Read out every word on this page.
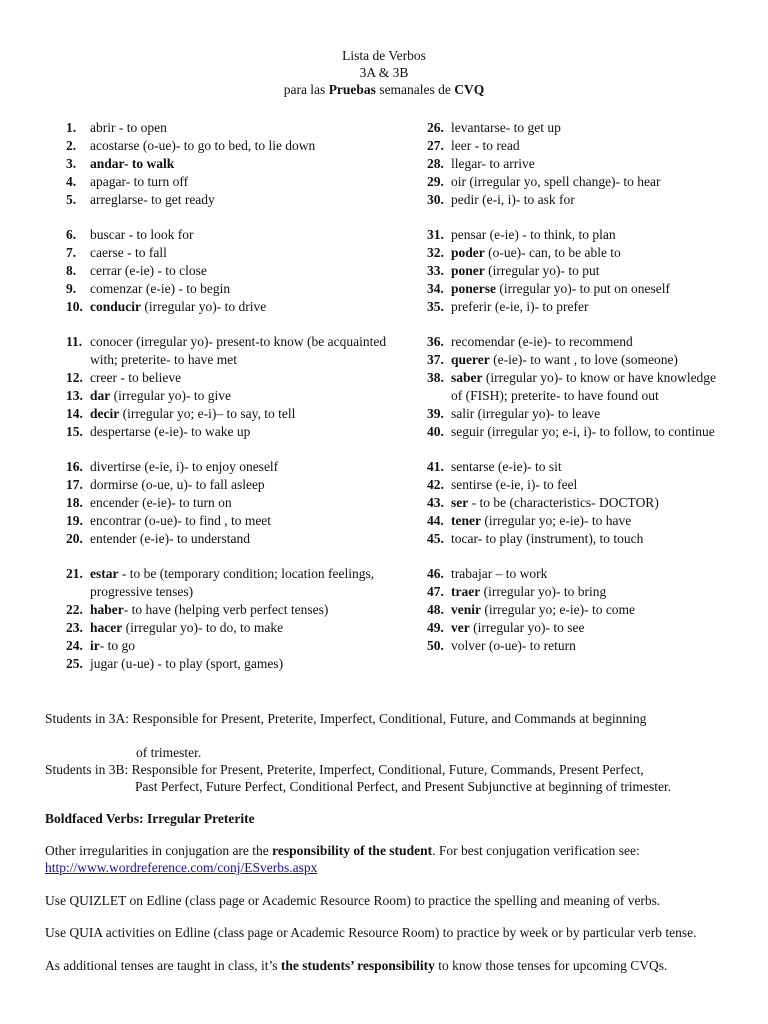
Lista de Verbos
3A & 3B
para las Pruebas semanales de CVQ
1.	abrir - to open
2.	acostarse (o-ue)- to go to bed, to lie down
3.	andar- to walk
4.	apagar- to turn off
5.	arreglarse- to get ready
6.	buscar - to look for
7.	caerse - to fall
8.	cerrar (e-ie) - to close
9.	comenzar (e-ie) - to begin
10. conducir (irregular yo)- to drive
11. conocer (irregular yo)- present-to know (be acquainted with; preterite- to have met
12. creer - to believe
13. dar (irregular yo)- to give
14. decir (irregular yo; e-i)– to say, to tell
15. despertarse (e-ie)- to wake up
16. divertirse (e-ie, i)- to enjoy oneself
17. dormirse (o-ue, u)- to fall asleep
18. encender (e-ie)- to turn on
19. encontrar (o-ue)- to find , to meet
20. entender (e-ie)- to understand
21. estar - to be (temporary condition; location feelings, progressive tenses)
22. haber- to have (helping verb perfect tenses)
23. hacer (irregular yo)- to do, to make
24. ir- to go
25. jugar (u-ue) - to play (sport, games)
26. levantarse- to get up
27. leer - to read
28. llegar- to arrive
29. oir (irregular yo, spell change)- to hear
30. pedir (e-i, i)- to ask for
31. pensar (e-ie) - to think, to plan
32. poder (o-ue)- can, to be able to
33. poner (irregular yo)- to put
34. ponerse (irregular yo)- to put on oneself
35. preferir (e-ie, i)- to prefer
36. recomendar (e-ie)- to recommend
37. querer (e-ie)- to want , to love (someone)
38. saber (irregular yo)- to know or have knowledge of (FISH); preterite- to have found out
39. salir (irregular yo)- to leave
40. seguir (irregular yo; e-i, i)- to follow, to continue
41. sentarse (e-ie)- to sit
42. sentirse (e-ie, i)- to feel
43. ser - to be (characteristics- DOCTOR)
44. tener (irregular yo; e-ie)- to have
45. tocar- to play (instrument), to touch
46. trabajar – to work
47. traer (irregular yo)- to bring
48. venir (irregular yo; e-ie)- to come
49. ver (irregular yo)- to see
50. volver (o-ue)- to return
Students in 3A: Responsible for Present, Preterite, Imperfect, Conditional, Future, and Commands at beginning
of trimester.
Students in 3B: Responsible for Present, Preterite, Imperfect, Conditional, Future, Commands, Present Perfect,
Past Perfect, Future Perfect, Conditional Perfect, and Present Subjunctive at beginning of trimester.
Boldfaced Verbs: Irregular Preterite
Other irregularities in conjugation are the responsibility of the student. For best conjugation verification see:
http://www.wordreference.com/conj/ESverbs.aspx
Use QUIZLET on Edline (class page or Academic Resource Room) to practice the spelling and meaning of verbs.
Use QUIA activities on Edline (class page or Academic Resource Room) to practice by week or by particular verb tense.
As additional tenses are taught in class, it’s the students’ responsibility to know those tenses for upcoming CVQs.
